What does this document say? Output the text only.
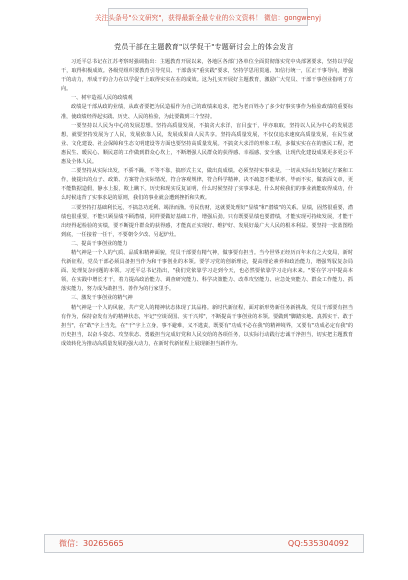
关注头条号"公文研究"，获得最新全最专业的公文资料！ 微信：gongwenyj
党员干部在主题教育"以学促干"专题研讨会上的体会发言

习近平总书记在江苏考察时强调指出：主题教育开展以来，各地区各部门各单位全面贯彻落实党中央部署要求，坚持以学促干，取得积极成效。各级党组织要教育引导党员、干部落实"重实践"要求，坚持学思用贯通、知信行统一，匡正干事导向，增强干的动力，形成干的合力在以学促干上取得实实在在的成效。这为扎实开展好主题教育，激励广大党员、干部干事创业指明了方向。

一、树牢造福人民的政绩观

政绩是干部从政的业绩，从政者要把为民造福作为自己的政绩来追求，把为老百姓办了多少好事实事作为检验政绩的重要标准，使政绩经得起实践、历史、人民的检验，为此要做到三个坚持。

一要坚持以人民为中心的发展思想。坚持高质量发展，不搞贪大求洋，盲目蛮干，甲亦取取，坚持以人民为中心的发展思想，就要坚持发展为了人民，发展依靠人民，发展成果由人民共享。坚持高质量发展，不仅仅追求速度高质量发展，在民生就业、文化建设、社会保障和生态文明建设等方面也要坚持高质量发展。不搞贪大求洋的形象工程，多做实实在在的惠民工程，把惠民生、暖民心、顺民意的工作做到群众心坎上，不断增强人民群众的获得感、幸福感、安全感，让现代化建设成果更多更公平惠及全体人民。

二要坚持从实际出发，不骄不躁，不等不靠，搞形式主义，做出真成绩。必须坚持实事求是，一切从实际出发制定方案和工作，使提出的点子、政策、方案符合实际情况，符合客观规律，符合科学精神，决不疏忽不能草率，毕而不实，做表面文章，更不能数据造假，静水上报，欺上瞒下。历史和现实反复证明，什么时候坚持了实事求是，什么时候我们的事业就能取得成功，什么时候违背了实事求是的原则，我们的事业就会遭到挫折和失败。

三要坚持打基础利长远，不搞急功近利、竭泽而渔。劳民伤财，这就要处理好"显绩"和"潜绩"的关系。显绩，固然很重要，潜绩也很重要，不能只顾显绩不顾潜绩，同样要做好基础工作，增强后劲。只有既要显绩也要潜绩，才能实现可持续发展，才能干出经得起检验的实绩，要不断提升群众的获得感，才能真正实现好、维护好、发展好最广大人民的根本利益。要坚持一张蓝图绘到底，一任接着一任干，不要朝令夕改、另起炉灶。

二、提高干事创业的能力

精气神是一个人的气质、品质和精神面貌，党员干部要有精气神，做事要有担当。当今世界正经历百年未有之大变局，新时代新征程，党员干部必须具备担当作为和干事创业的本领。要学习党的创新理论，提高理论素养和政治能力，增强驾驭复杂局面、处理复杂问题的本领。习近平总书记指出，"我们党依靠学习走到今天，也必然要依靠学习走向未来。"要在学习中提高本领，在实践中增长才干，着力提高政治能力、调查研究能力、科学决策能力、改革攻坚能力、应急处突能力、群众工作能力、抓落实能力，努力成为敢担当、善作为的行家里手。

三、激发干事创业的精气神

精气神是一个人的风貌，共产党人的精神状态体现了其品格。新时代新征程，面对新形势新任务新挑战，党员干部要有担当有作为，保持奋发有为的精神状态，牢记"空谈误国、实干兴邦"，不断提高干事创业的本领。要做到"脚踏实地、真抓实干、敢于担当"，在"敢"字上当先，在"干"字上立身，事不避难，义不逃责，既要有"功成不必在我"的精神境界，又要有"功成必定有我"的历史担当，以奋斗姿态、攻坚状态、勇毅担当完成好党和人民交给的各项任务，以实际行动践行忠诚干净担当，切实把主题教育成效转化为推动高质量发展的强大动力，在新时代新征程上展现新担当新作为。

微信：30265665	QQ:535304092
